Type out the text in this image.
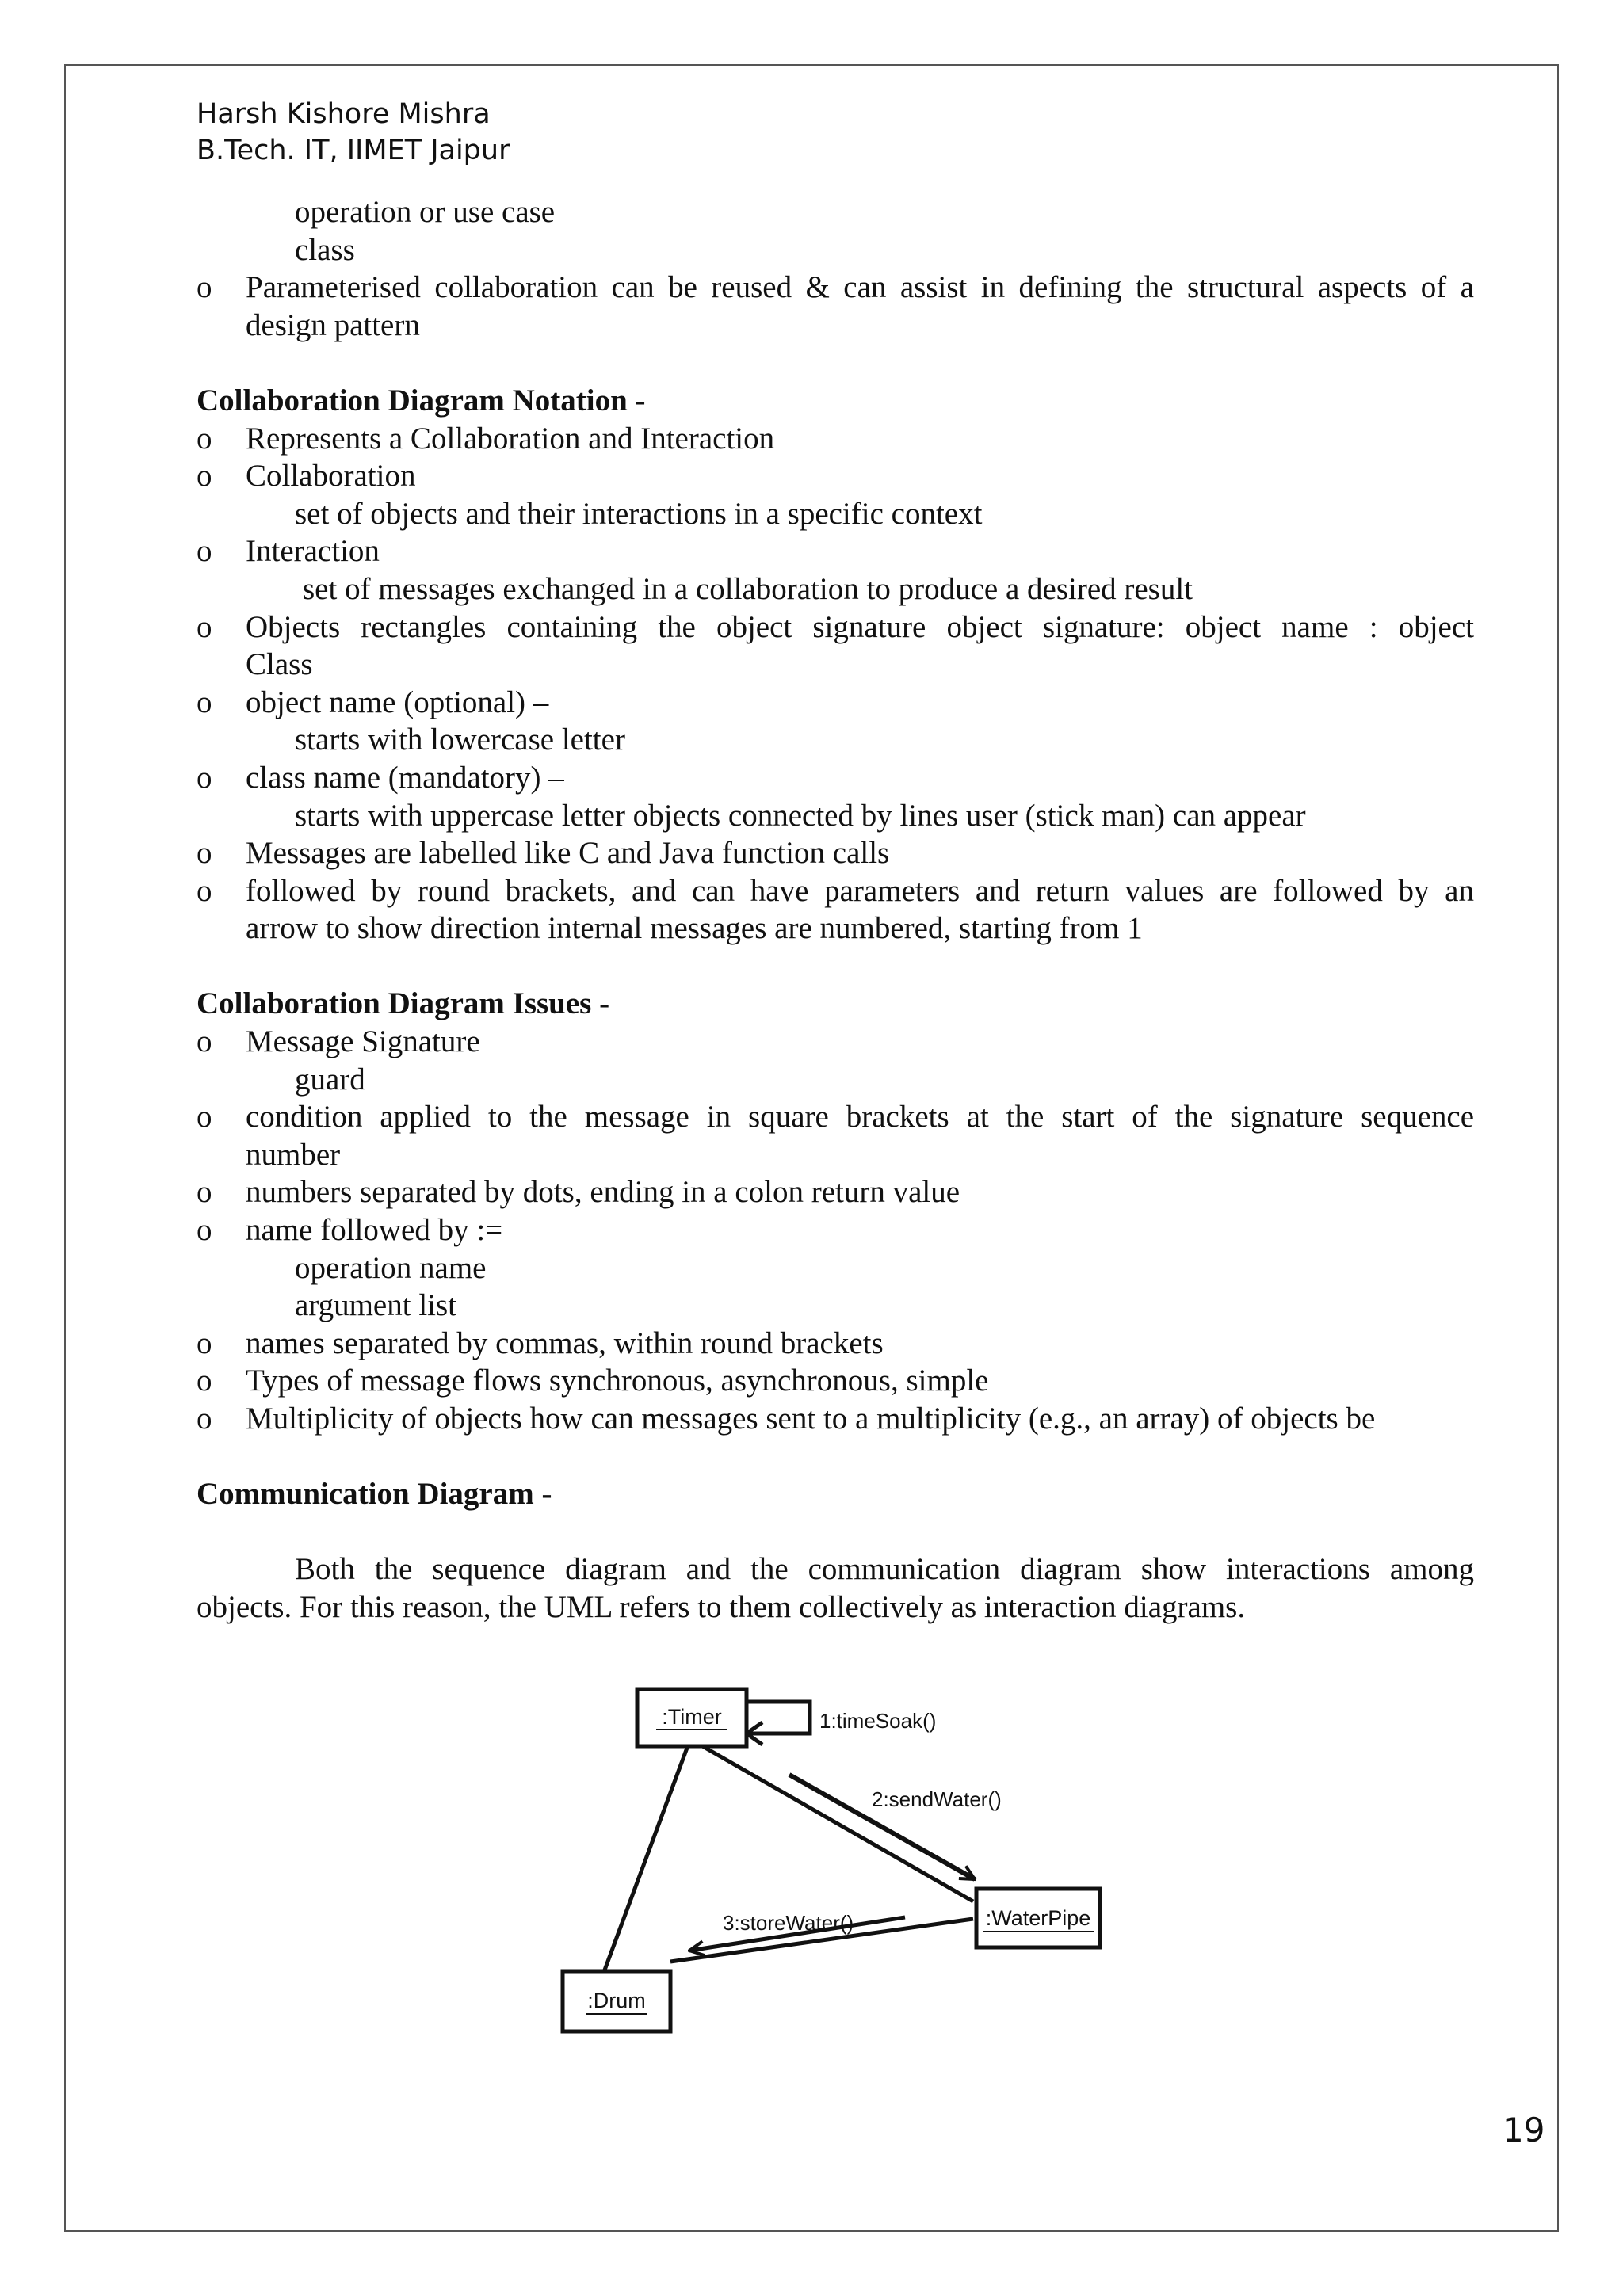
Harsh Kishore Mishra
B.Tech. IT, IIMET Jaipur
operation or use case
class
o Parameterised collaboration can be reused & can assist in defining the structural aspects of a
design pattern
Collaboration Diagram Notation -
o Represents a Collaboration and Interaction
o Collaboration
set of objects and their interactions in a specific context
o Interaction
set of messages exchanged in a collaboration to produce a desired result
o Objects rectangles containing the object signature object signature: object name : object
Class
o object name (optional) –
starts with lowercase letter
o class name (mandatory) –
starts with uppercase letter objects connected by lines user (stick man) can appear
o Messages are labelled like C and Java function calls
o followed by round brackets, and can have parameters and return values are followed by an
arrow to show direction internal messages are numbered, starting from 1
Collaboration Diagram Issues -
o Message Signature
guard
o condition applied to the message in square brackets at the start of the signature sequence
number
o numbers separated by dots, ending in a colon return value
o name followed by :=
operation name
argument list
o names separated by commas, within round brackets
o Types of message flows synchronous, asynchronous, simple
o Multiplicity of objects how can messages sent to a multiplicity (e.g., an array) of objects be
Communication Diagram -
Both the sequence diagram and the communication diagram show interactions among
objects. For this reason, the UML refers to them collectively as interaction diagrams.
:Timer
:WaterPipe
:Drum
1:timeSoak()
2:sendWater()
3:storeWater()
19
